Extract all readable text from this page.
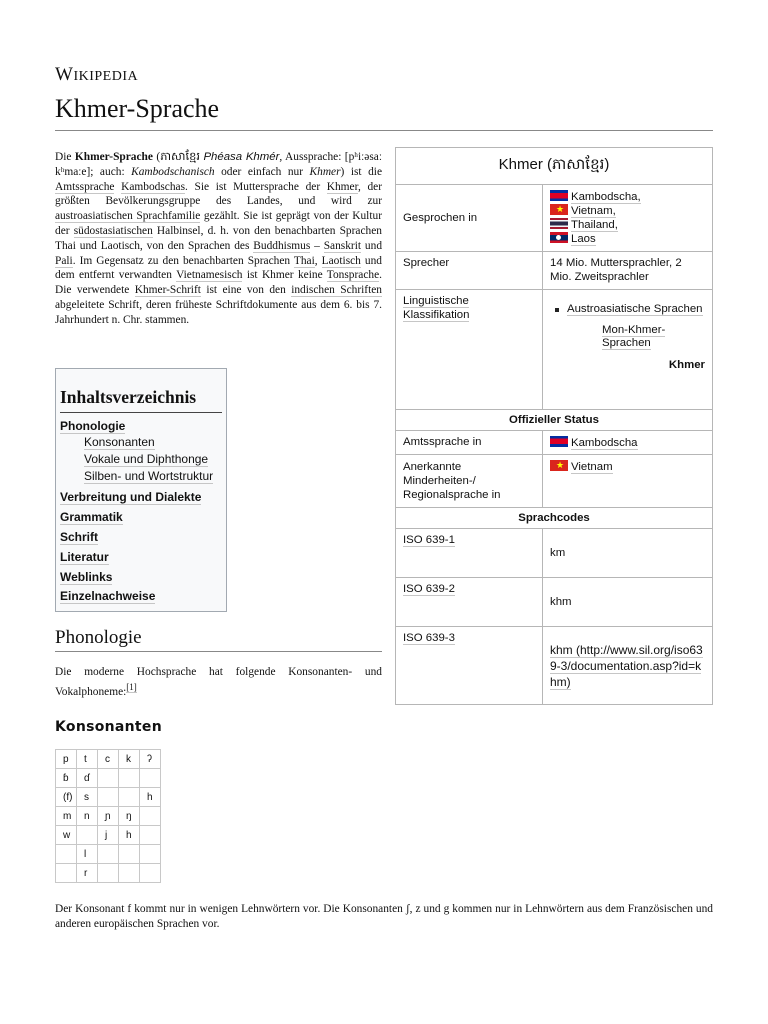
WIKIPEDIA
Khmer-Sprache
Die Khmer-Sprache (ភាសាខ្មែរ Phéasa Khmér, Aussprache: [pʰiːəsaː kʰmaːe]; auch: Kambodschanisch oder einfach nur Khmer) ist die Amtssprache Kambodschas. Sie ist Muttersprache der Khmer, der größten Bevölkerungsgruppe des Landes, und wird zur austroasiatischen Sprachfamilie gezählt. Sie ist geprägt von der Kultur der südostasiatischen Halbinsel, d. h. von den benachbarten Sprachen Thai und Laotisch, von den Sprachen des Buddhismus – Sanskrit und Pali. Im Gegensatz zu den benachbarten Sprachen Thai, Laotisch und dem entfernt verwandten Vietnamesisch ist Khmer keine Tonsprache. Die verwendete Khmer-Schrift ist eine von den indischen Schriften abgeleitete Schrift, deren früheste Schriftdokumente aus dem 6. bis 7. Jahrhundert n. Chr. stammen.
Inhaltsverzeichnis
Phonologie
Konsonanten
Vokale und Diphthonge
Silben- und Wortstruktur
Verbreitung und Dialekte
Grammatik
Schrift
Literatur
Weblinks
Einzelnachweise
Phonologie
Die moderne Hochsprache hat folgende Konsonanten- und Vokalphoneme:[1]
Konsonanten
p	t	c	k	ʔ
ɓ	ɗ			
(f)	s			h
m	n	ɲ	ŋ	
w		j	h	
	l			
	r			
Der Konsonant f kommt nur in wenigen Lehnwörtern vor. Die Konsonanten ʃ, z und g kommen nur in Lehnwörtern aus dem Französischen und anderen europäischen Sprachen vor.
Khmer (ភាសាខ្មែរ)	
Gesprochen in	Kambodscha,
★Vietnam,
Thailand,
Laos

Sprecher	14 Mio. Muttersprachler, 2 Mio. Zweitsprachler
Linguistische Klassifikation	Austroasiatische Sprachen
Mon-Khmer-Sprachen
Khmer

Offizieller Status	
Amtssprache in	Kambodscha
Anerkannte Minderheiten-/ Regionalsprache in	★Vietnam
Sprachcodes	
ISO 639-1	km
ISO 639-2	khm
ISO 639-3	khm (http://www.sil.org/iso639-3/documentation.asp?id=khm)
